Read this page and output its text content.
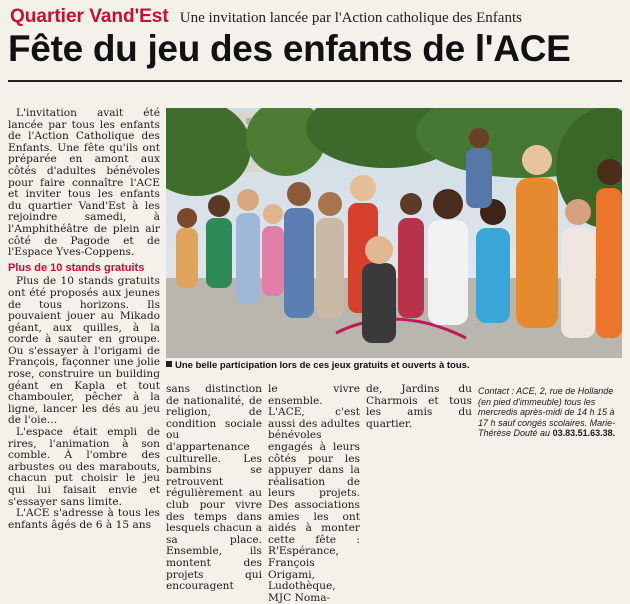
Quartier Vand'Est Une invitation lancée par l'Action catholique des Enfants
Fête du jeu des enfants de l'ACE

L'invitation avait été lancée par tous les enfants de l'Action Catholique des Enfants. Une fête qu'ils ont préparée en amont aux côtés d'adultes bénévoles pour faire connaître l'ACE et inviter tous les enfants du quartier Vand'Est à les rejoindre samedi, à l'Amphithéâtre de plein air côté de Pagode et de l'Espace Yves-Coppens.

Plus de 10 stands gratuits

Plus de 10 stands gratuits ont été proposés aux jeunes de tous horizons. Ils pouvaient jouer au Mikado géant, aux quilles, à la corde à sauter en groupe. Ou s'essayer à l'origami de François, façonner une jolie rose, construire un building géant en Kapla et tout chambouler, pêcher à la ligne, lancer les dés au jeu de l'oie…

L'espace était empli de rires, l'animation à son comble. À l'ombre des arbustes ou des marabouts, chacun put choisir le jeu qui lui faisait envie et s'essayer sans limite.

L'ACE s'adresse à tous les enfants âgés de 6 à 15 ans

Une belle participation lors de ces jeux gratuits et ouverts à tous.

sans distinction de nationalité, de religion, de condition sociale ou d'appartenance culturelle. Les bambins se retrouvent régulièrement au club pour vivre des temps dans lesquels chacun a sa place. Ensemble, ils montent des projets qui encouragent

le vivre ensemble. L'ACE, c'est aussi des adultes bénévoles engagés à leurs côtés pour les appuyer dans la réalisation de leurs projets. Des associations amies les ont aidés à monter cette fête : R'Espérance, François Origami, Ludothèque, MJC Noma-

de, Jardins du Charmois et tous les amis du quartier.

Contact : ACE, 2, rue de Hollande (en pied d'immeuble) tous les mercredis après-midi de 14 h 15 à 17 h sauf congés scolaires. Marie-Thérèse Douté au 03.83.51.63.38.
